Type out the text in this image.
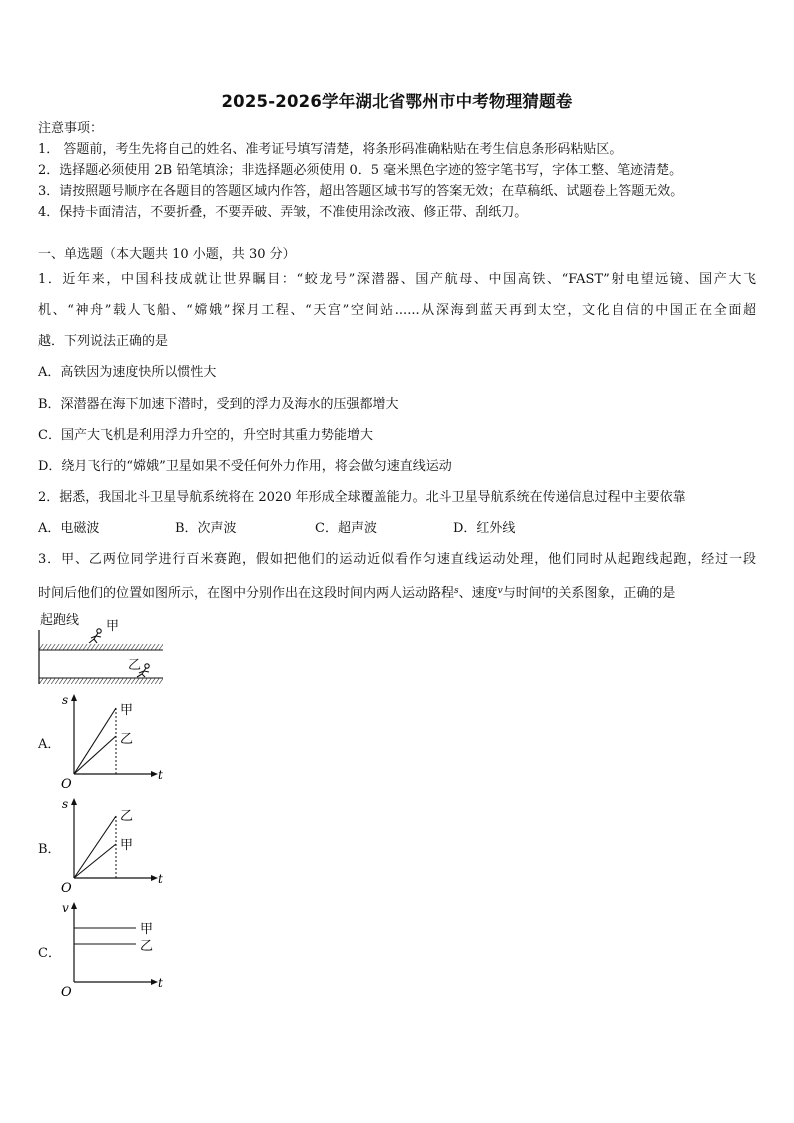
2025-2026学年湖北省鄂州市中考物理猜题卷
注意事项：
1． 答题前，考生先将自己的姓名、准考证号填写清楚，将条形码准确粘贴在考生信息条形码粘贴区。
2．选择题必须使用 2B 铅笔填涂；非选择题必须使用 0．5 毫米黑色字迹的签字笔书写，字体工整、笔迹清楚。
3．请按照题号顺序在各题目的答题区域内作答，超出答题区域书写的答案无效；在草稿纸、试题卷上答题无效。
4．保持卡面清洁，不要折叠，不要弄破、弄皱，不准使用涂改液、修正带、刮纸刀。
一、单选题（本大题共 10 小题，共 30 分）
1．近年来，中国科技成就让世界瞩目：“蛟龙号”深潜器、国产航母、中国高铁、“FAST”射电望远镜、国产大飞
机、“神舟”载人飞船、“嫦娥”探月工程、“天宫”空间站......从深海到蓝天再到太空，文化自信的中国正在全面超
越．下列说法正确的是
A．高铁因为速度快所以惯性大
B．深潜器在海下加速下潜时，受到的浮力及海水的压强都增大
C．国产大飞机是利用浮力升空的，升空时其重力势能增大
D．绕月飞行的“嫦娥”卫星如果不受任何外力作用，将会做匀速直线运动
2．据悉，我国北斗卫星导航系统将在 2020 年形成全球覆盖能力。北斗卫星导航系统在传递信息过程中主要依靠
A．电磁波	B．次声波	C．超声波	D．红外线
3．甲、乙两位同学进行百米赛跑，假如把他们的运动近似看作匀速直线运动处理，他们同时从起跑线起跑，经过一段
时间后他们的位置如图所示，在图中分别作出在这段时间内两人运动路程$^s$、速度$^v$与时间$^t$的关系图象，正确的是
起跑线 甲
乙
A．
s
t
O
甲
乙
B．
s
t
O
乙
甲
C．
v
t
O
甲
乙
